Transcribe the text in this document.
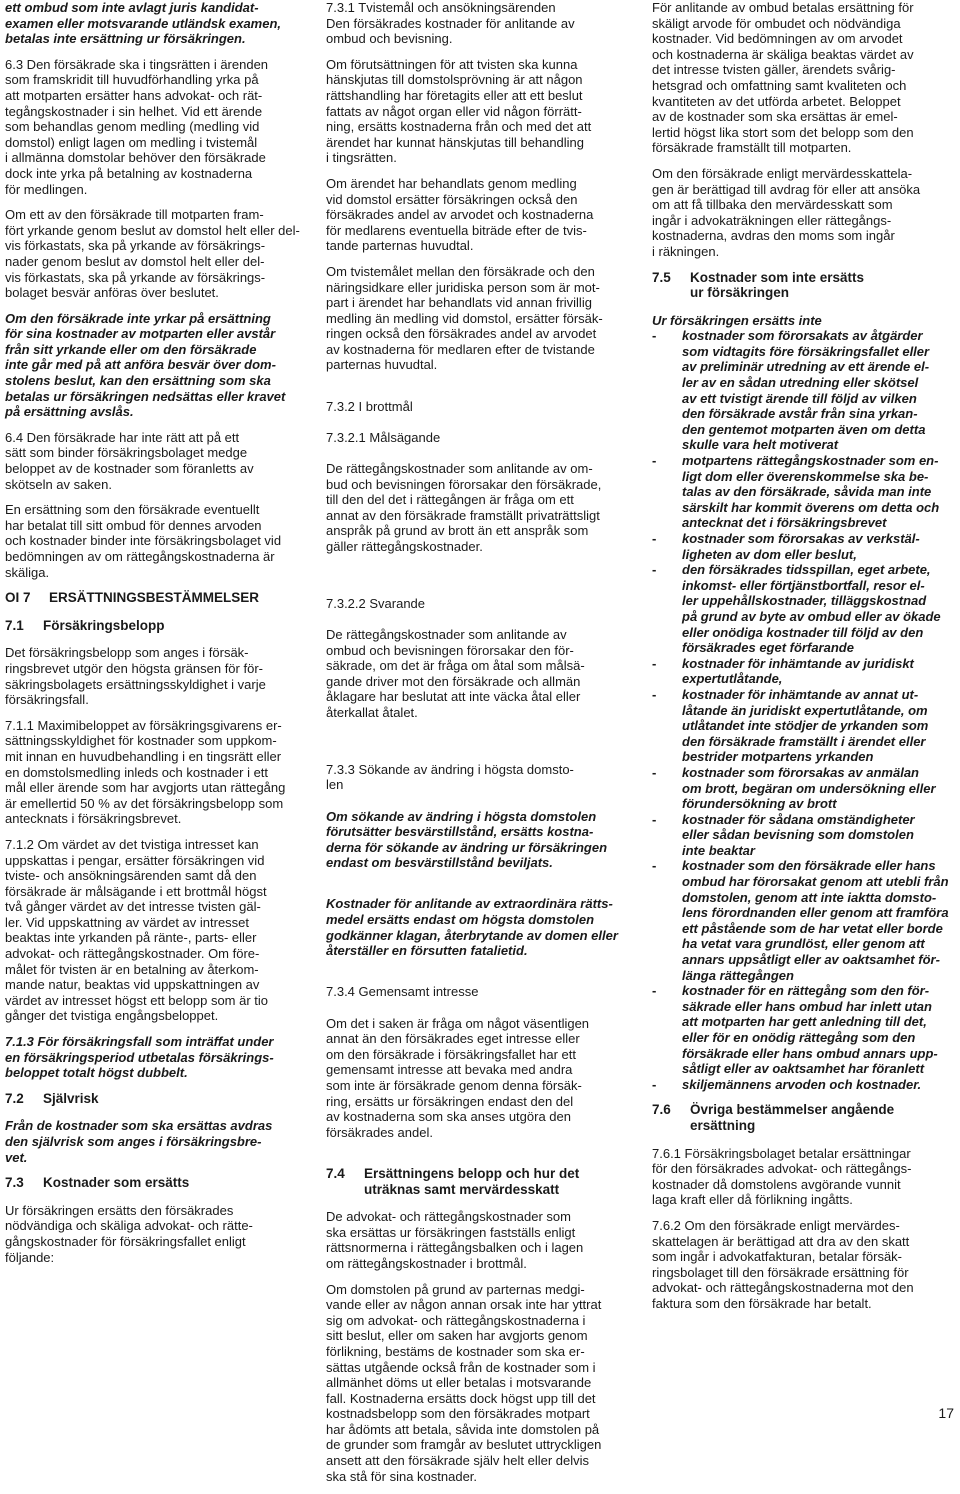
ett ombud som inte avlagt juris kandidat-
examen eller motsvarande utländsk examen,
betalas inte ersättning ur försäkringen.

6.3 Den försäkrade ska i tingsrätten i ärenden
som framskridit till huvudförhandling yrka på
att motparten ersätter hans advokat- och rät-
tegångskostnader i sin helhet. Vid ett ärende
som behandlas genom medling (medling vid
domstol) enligt lagen om medling i tvistemål
i allmänna domstolar behöver den försäkrade
dock inte yrka på betalning av kostnaderna
för medlingen.

Om ett av den försäkrade till motparten fram-
fört yrkande genom beslut av domstol helt eller del-
vis förkastats, ska på yrkande av försäkrings-
nader genom beslut av domstol helt eller del-
vis förkastats, ska på yrkande av försäkrings-
bolaget besvär anföras över beslutet.

Om den försäkrade inte yrkar på ersättning
för sina kostnader av motparten eller avstår
från sitt yrkande eller om den försäkrade
inte går med på att anföra besvär över dom-
stolens beslut, kan den ersättning som ska
betalas ur försäkringen nedsättas eller kravet
på ersättning avslås.

6.4 Den försäkrade har inte rätt att på ett
sätt som binder försäkringsbolaget medge
beloppet av de kostnader som föranletts av
skötseln av saken.

En ersättning som den försäkrade eventuellt
har betalat till sitt ombud för dennes arvoden
och kostnader binder inte försäkringsbolaget vid
bedömningen av om rättegångskostnaderna är
skäliga.

OI 7	ERSÄTTNINGSBESTÄMMELSER
7.1	Försäkringsbelopp

Det försäkringsbelopp som anges i försäk-
ringsbrevet utgör den högsta gränsen för för-
säkringsbolagets ersättningsskyldighet i varje
försäkringsfall.

7.1.1 Maximibeloppet av försäkringsgivarens er-
sättningsskyldighet för kostnader som uppkom-
mit innan en huvudbehandling i en tingsrätt eller
en domstolsmedling inleds och kostnader i ett
mål eller ärende som har avgjorts utan rättegång
är emellertid 50 % av det försäkringsbelopp som
antecknats i försäkringsbrevet.

7.1.2 Om värdet av det tvistiga intresset kan
uppskattas i pengar, ersätter försäkringen vid
tviste- och ansökningsärenden samt då den
försäkrade är målsägande i ett brottmål högst
två gånger värdet av det intresse tvisten gäl-
ler. Vid uppskattning av värdet av intresset
beaktas inte yrkanden på ränte-, parts- eller
advokat- och rättegångskostnader. Om före-
målet för tvisten är en betalning av återkom-
mande natur, beaktas vid uppskattningen av
värdet av intresset högst ett belopp som är tio
gånger det tvistiga engångsbeloppet.

7.1.3 För försäkringsfall som inträffat under
en försäkringsperiod utbetalas försäkrings-
beloppet totalt högst dubbelt.

7.2	Självrisk

Från de kostnader som ska ersättas avdras
den självrisk som anges i försäkringsbre-
vet.

7.3	Kostnader som ersätts

Ur försäkringen ersätts den försäkrades
nödvändiga och skäliga advokat- och rätte-
gångskostnader för försäkringsfallet enligt
följande:

7.3.1 Tvistemål och ansökningsärenden
Den försäkrades kostnader för anlitande av
ombud och bevisning.

Om förutsättningen för att tvisten ska kunna
hänskjutas till domstolsprövning är att någon
rättshandling har företagits eller att ett beslut
fattats av något organ eller vid någon förrätt-
ning, ersätts kostnaderna från och med det att
ärendet har kunnat hänskjutas till behandling
i tingsrätten.

Om ärendet har behandlats genom medling
vid domstol ersätter försäkringen också den
försäkrades andel av arvodet och kostnaderna
för medlarens eventuella biträde efter de tvis-
tande parternas huvudtal.

Om tvistemålet mellan den försäkrade och den
näringsidkare eller juridiska person som är mot-
part i ärendet har behandlats vid annan frivillig
medling än medling vid domstol, ersätter försäk-
ringen också den försäkrades andel av arvodet
av kostnaderna för medlaren efter de tvistande
parternas huvudtal.

7.3.2 I brottmål

7.3.2.1 Målsägande

De rättegångskostnader som anlitande av om-
bud och bevisningen förorsakar den försäkrade,
till den del det i rättegången är fråga om ett
annat av den försäkrade framställt privaträttsligt
anspråk på grund av brott än ett anspråk som
gäller rättegångskostnader.

7.3.2.2 Svarande

De rättegångskostnader som anlitande av
ombud och bevisningen förorsakar den för-
säkrade, om det är fråga om åtal som målsä-
gande driver mot den försäkrade och allmän
åklagare har beslutat att inte väcka åtal eller
återkallat åtalet.

7.3.3 Sökande av ändring i högsta domsto-
len

Om sökande av ändring i högsta domstolen
förutsätter besvärstillstånd, ersätts kostna-
derna för sökande av ändring ur försäkringen
endast om besvärstillstånd beviljats.

Kostnader för anlitande av extraordinära rätts-
medel ersätts endast om högsta domstolen
godkänner klagan, återbrytande av domen eller
återställer en försutten fatalietid.

7.3.4 Gemensamt intresse

Om det i saken är fråga om något väsentligen
annat än den försäkrades eget intresse eller
om den försäkrade i försäkringsfallet har ett
gemensamt intresse att bevaka med andra
som inte är försäkrade genom denna försäk-
ring, ersätts ur försäkringen endast den del
av kostnaderna som ska anses utgöra den
försäkrades andel.

7.4	Ersättningens belopp och hur det
uträknas samt mervärdesskatt

De advokat- och rättegångskostnader som
ska ersättas ur försäkringen fastställs enligt
rättsnormerna i rättegångsbalken och i lagen
om rättegångskostnader i brottmål.

Om domstolen på grund av parternas medgi-
vande eller av någon annan orsak inte har yttrat
sig om advokat- och rättegångskostnaderna i
sitt beslut, eller om saken har avgjorts genom
förlikning, bestäms de kostnader som ska er-
sättas utgående också från de kostnader som i
allmänhet döms ut eller betalas i motsvarande
fall. Kostnaderna ersätts dock högst upp till det
kostnadsbelopp som den försäkrades motpart
har ådömts att betala, såvida inte domstolen på
de grunder som framgår av beslutet uttryckligen
ansett att den försäkrade själv helt eller delvis
ska stå för sina kostnader.

För anlitande av ombud betalas ersättning för
skäligt arvode för ombudet och nödvändiga
kostnader. Vid bedömningen av om arvodet
och kostnaderna är skäliga beaktas värdet av
det intresse tvisten gäller, ärendets svårig-
hetsgrad och omfattning samt kvaliteten och
kvantiteten av det utförda arbetet. Beloppet
av de kostnader som ska ersättas är emel-
lertid högst lika stort som det belopp som den
försäkrade framställt till motparten.

Om den försäkrade enligt mervärdesskattela-
gen är berättigad till avdrag för eller att ansöka
om att få tillbaka den mervärdesskatt som
ingår i advokaträkningen eller rättegångs-
kostnaderna, avdras den moms som ingår
i räkningen.

7.5	Kostnader som inte ersätts
ur försäkringen

Ur försäkringen ersätts inte

-	kostnader som förorsakats av åtgärder
som vidtagits före försäkringsfallet eller
av preliminär utredning av ett ärende el-
ler av en sådan utredning eller skötsel
av ett tvistigt ärende till följd av vilken
den försäkrade avstår från sina yrkan-
den gentemot motparten även om detta
skulle vara helt motiverat
-	motpartens rättegångskostnader som en-
ligt dom eller överenskommelse ska be-
talas av den försäkrade, såvida man inte
särskilt har kommit överens om detta och
antecknat det i försäkringsbrevet
-	kostnader som förorsakas av verkstäl-
ligheten av dom eller beslut,
-	den försäkrades tidsspillan, eget arbete,
inkomst- eller förtjänstbortfall, resor el-
ler uppehållskostnader, tilläggskostnad
på grund av byte av ombud eller av ökade
eller onödiga kostnader till följd av den
försäkrades eget förfarande
-	kostnader för inhämtande av juridiskt
expertutlåtande,
-	kostnader för inhämtande av annat ut-
låtande än juridiskt expertutlåtande, om
utlåtandet inte stödjer de yrkanden som
den försäkrade framställt i ärendet eller
bestrider motpartens yrkanden
-	kostnader som förorsakas av anmälan
om brott, begäran om undersökning eller
förundersökning av brott
-	kostnader för sådana omständigheter
eller sådan bevisning som domstolen
inte beaktar
-	kostnader som den försäkrade eller hans
ombud har förorsakat genom att utebli från
domstolen, genom att inte iaktta domsto-
lens förordnanden eller genom att framföra
ett påstående som de har vetat eller borde
ha vetat vara grundlöst, eller genom att
annars uppsåtligt eller av oaktsamhet för-
länga rättegången
-	kostnader för en rättegång som den för-
säkrade eller hans ombud har inlett utan
att motparten har gett anledning till det,
eller för en onödig rättegång som den
försäkrade eller hans ombud annars upp-
såtligt eller av oaktsamhet har föranlett
-	skiljemännens arvoden och kostnader.
7.6	Övriga bestämmelser angående
ersättning

7.6.1 Försäkringsbolaget betalar ersättningar
för den försäkrades advokat- och rättegångs-
kostnader då domstolens avgörande vunnit
laga kraft eller då förlikning ingåtts.

7.6.2 Om den försäkrade enligt mervärdes-
skattelagen är berättigad att dra av den skatt
som ingår i advokatfakturan, betalar försäk-
ringsbolaget till den försäkrade ersättning för
advokat- och rättegångskostnaderna mot den
faktura som den försäkrade har betalt.

17
